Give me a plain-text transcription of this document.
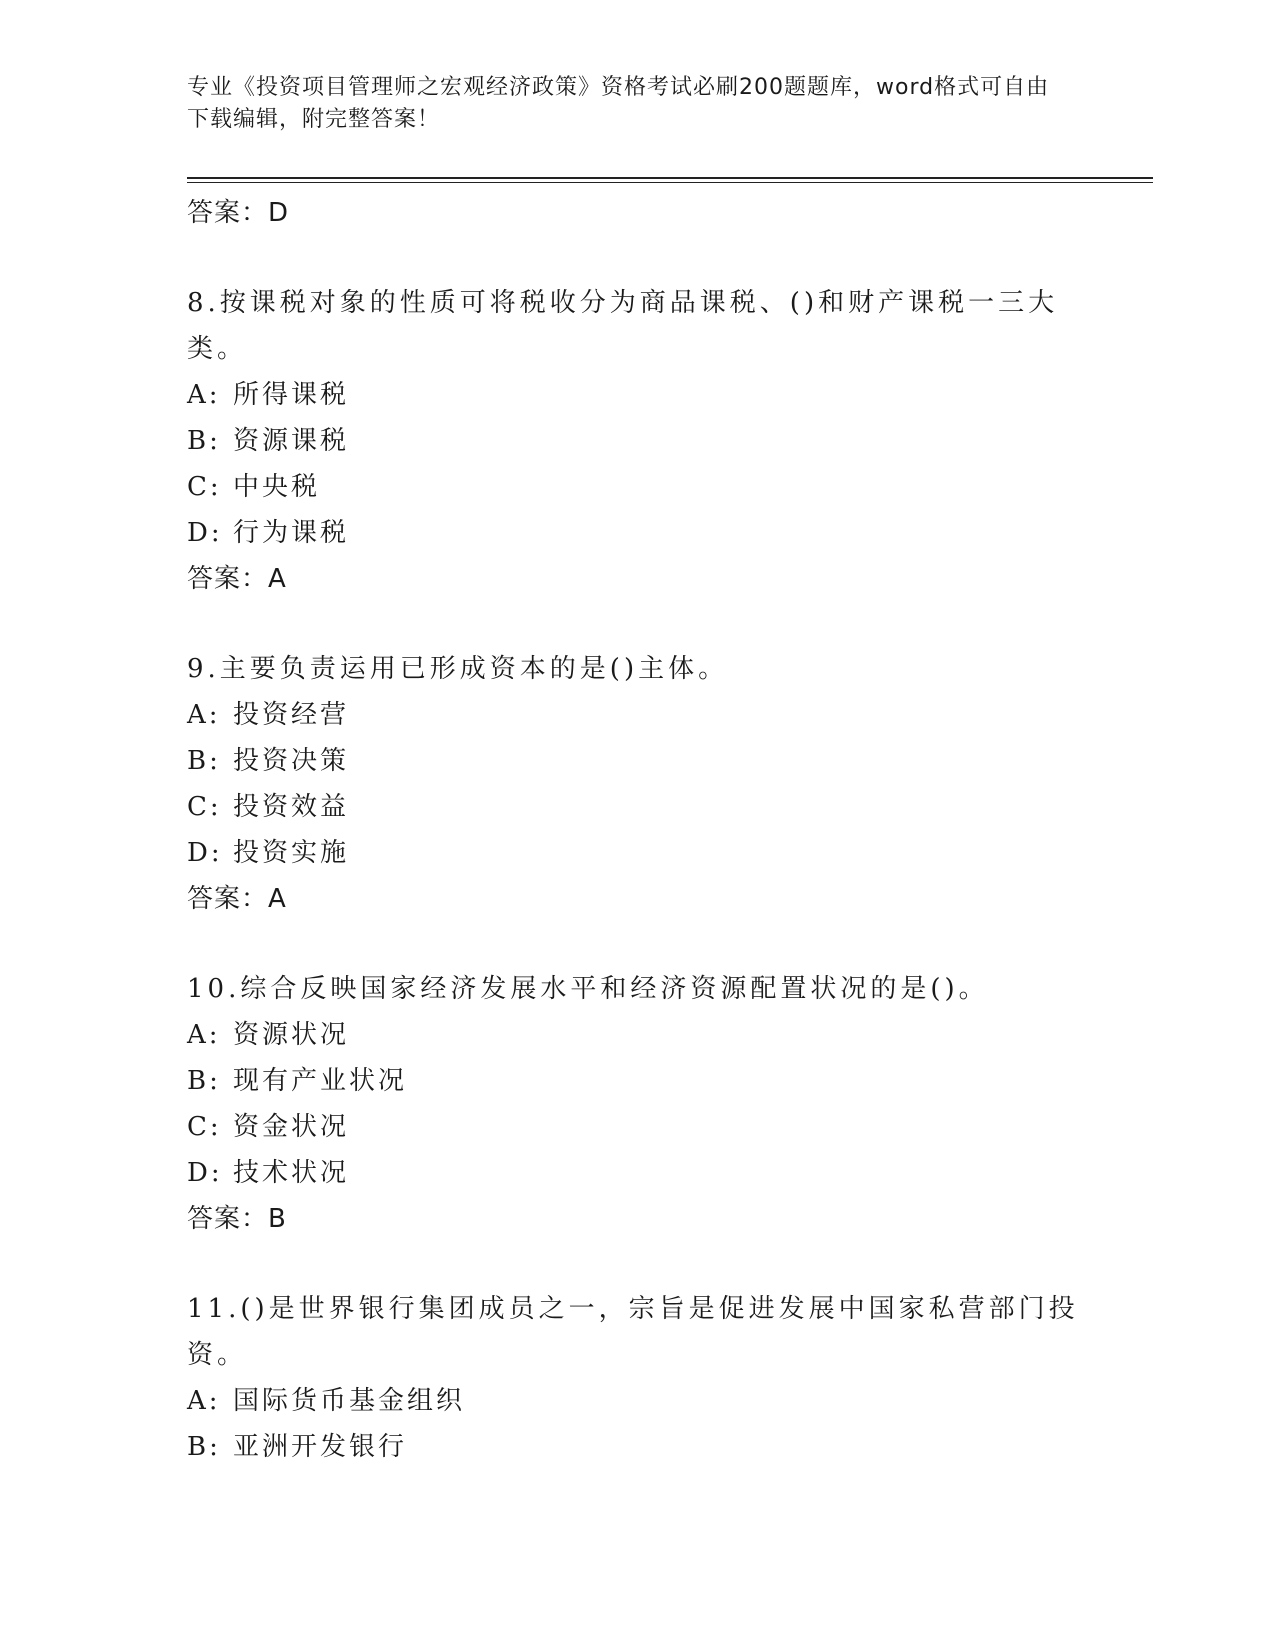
专业《投资项目管理师之宏观经济政策》资格考试必刷200题题库，word格式可自由下载编辑，附完整答案！
答案：D
8.按课税对象的性质可将税收分为商品课税、()和财产课税一三大类。
A: 所得课税
B: 资源课税
C: 中央税
D: 行为课税
答案：A
9.主要负责运用已形成资本的是()主体。
A: 投资经营
B: 投资决策
C: 投资效益
D: 投资实施
答案：A
10.综合反映国家经济发展水平和经济资源配置状况的是()。
A: 资源状况
B: 现有产业状况
C: 资金状况
D: 技术状况
答案：B
11.()是世界银行集团成员之一，宗旨是促进发展中国家私营部门投资。
A: 国际货币基金组织
B: 亚洲开发银行
